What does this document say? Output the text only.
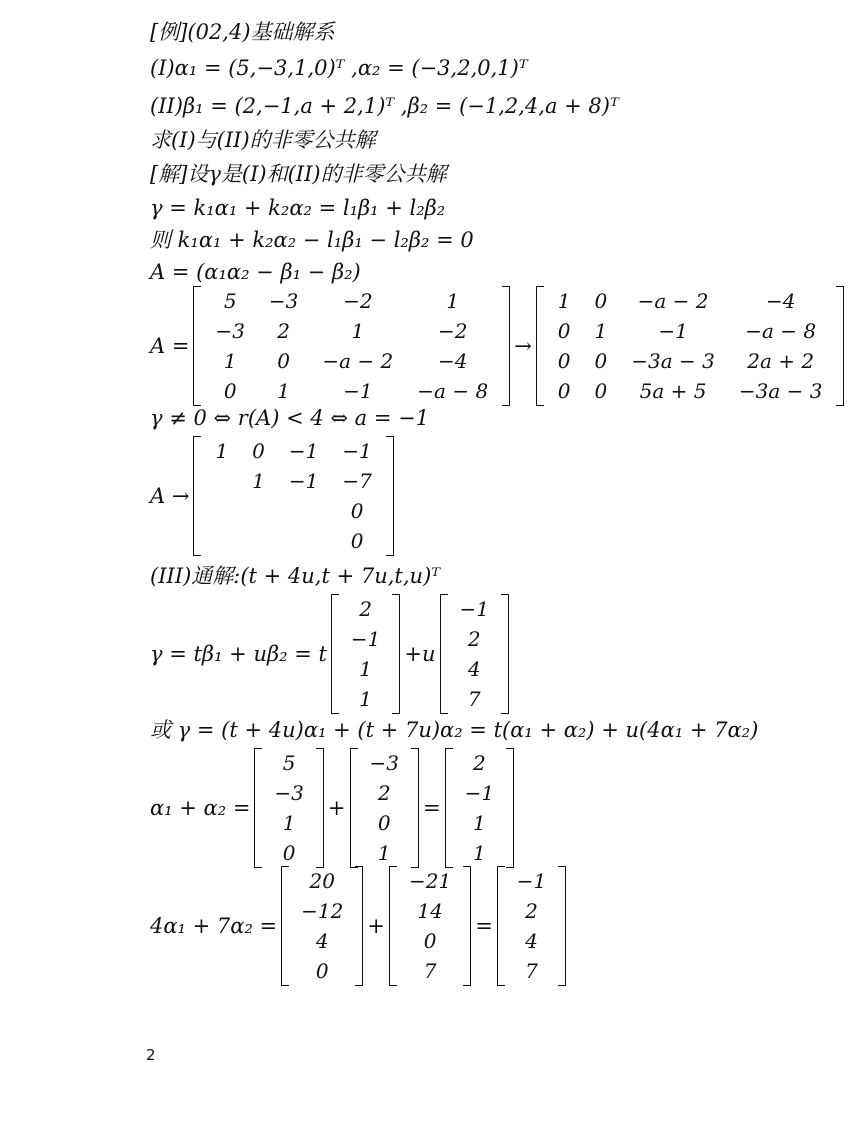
[例](02,4)基础解系
(I)α₁ = (5,−3,1,0)ᵀ ,α₂ = (−3,2,0,1)ᵀ
(II)β₁ = (2,−1,a + 2,1)ᵀ ,β₂ = (−1,2,4,a + 8)ᵀ
求(I)与(II)的非零公共解
[解]设γ是(I)和(II)的非零公共解
γ = k₁α₁ + k₂α₂ = l₁β₁ + l₂β₂
则 k₁α₁ + k₂α₂ − l₁β₁ − l₂β₂ = 0
A = (α₁α₂ − β₁ − β₂)
A =
5	−3	−2	1
−3	2	1	−2
1	0	−a − 2	−4
0	1	−1	−a − 8
→
1	0	−a − 2	−4
0	1	−1	−a − 8
0	0	−3a − 3	2a + 2
0	0	5a + 5	−3a − 3
γ ≠ 0 ⇔ r(A) < 4 ⇔ a = −1
A →
1	0	−1	−1
	1	−1	−7
			0
			0
(III)通解:(t + 4u,t + 7u,t,u)ᵀ
γ = tβ₁ + uβ₂ = t
2
−1
1
1
+u
−1
2
4
7
或 γ = (t + 4u)α₁ + (t + 7u)α₂ = t(α₁ + α₂) + u(4α₁ + 7α₂)
α₁ + α₂ =
5
−3
1
0
+
−3
2
0
1
=
2
−1
1
1
4α₁ + 7α₂ =
20
−12
4
0
+
−21
14
0
7
=
−1
2
4
7
2
